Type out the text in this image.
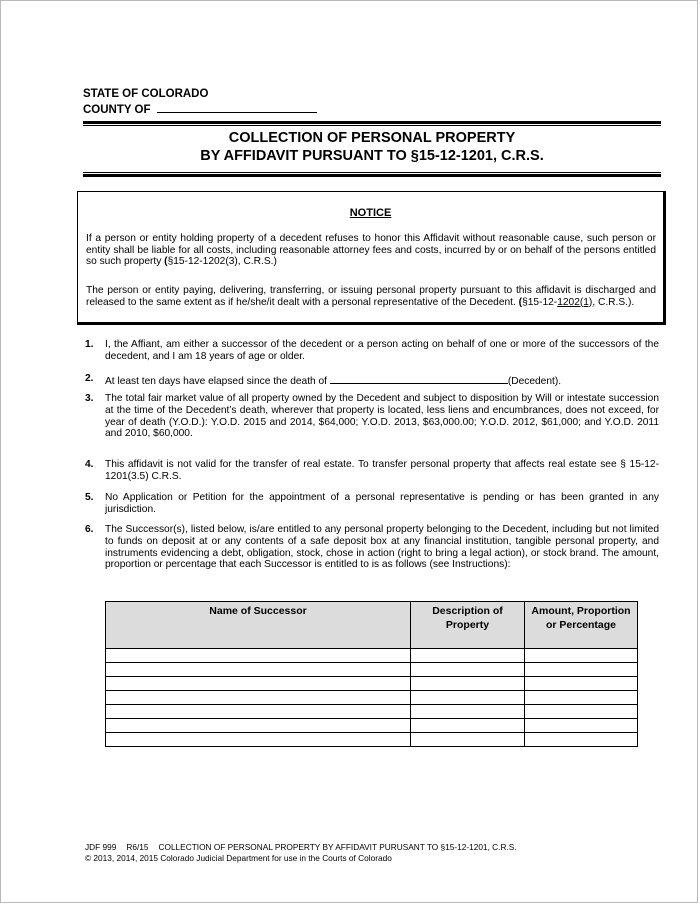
STATE OF COLORADO
COUNTY OF
COLLECTION OF PERSONAL PROPERTY
BY AFFIDAVIT PURSUANT TO §15-12-1201, C.R.S.
NOTICE
If a person or entity holding property of a decedent refuses to honor this Affidavit without reasonable cause, such person or entity shall be liable for all costs, including reasonable attorney fees and costs, incurred by or on behalf of the persons entitled so such property (§15-12-1202(3), C.R.S.)
The person or entity paying, delivering, transferring, or issuing personal property pursuant to this affidavit is discharged and released to the same extent as if he/she/it dealt with a personal representative of the Decedent. (§15-12-1202(1), C.R.S.).
1. I, the Affiant, am either a successor of the decedent or a person acting on behalf of one or more of the successors of the decedent, and I am 18 years of age or older.
2. At least ten days have elapsed since the death of	(Decedent).
3. The total fair market value of all property owned by the Decedent and subject to disposition by Will or intestate succession at the time of the Decedent’s death, wherever that property is located, less liens and encumbrances, does not exceed, for year of death (Y.O.D.): Y.O.D. 2015 and 2014, $64,000; Y.O.D. 2013, $63,000.00; Y.O.D. 2012, $61,000; and Y.O.D. 2011 and 2010, $60,000.
4. This affidavit is not valid for the transfer of real estate. To transfer personal property that affects real estate see § 15-12-1201(3.5) C.R.S.
5. No Application or Petition for the appointment of a personal representative is pending or has been granted in any jurisdiction.
6. The Successor(s), listed below, is/are entitled to any personal property belonging to the Decedent, including but not limited to funds on deposit at or any contents of a safe deposit box at any financial institution, tangible personal property, and instruments evidencing a debt, obligation, stock, chose in action (right to bring a legal action), or stock brand. The amount, proportion or percentage that each Successor is entitled to is as follows (see Instructions):
Name of Successor	Description of Property	Amount, Proportion or Percentage

JDF 999 R6/15 COLLECTION OF PERSONAL PROPERTY BY AFFIDAVIT PURUSANT TO §15-12-1201, C.R.S.
© 2013, 2014, 2015 Colorado Judicial Department for use in the Courts of Colorado
